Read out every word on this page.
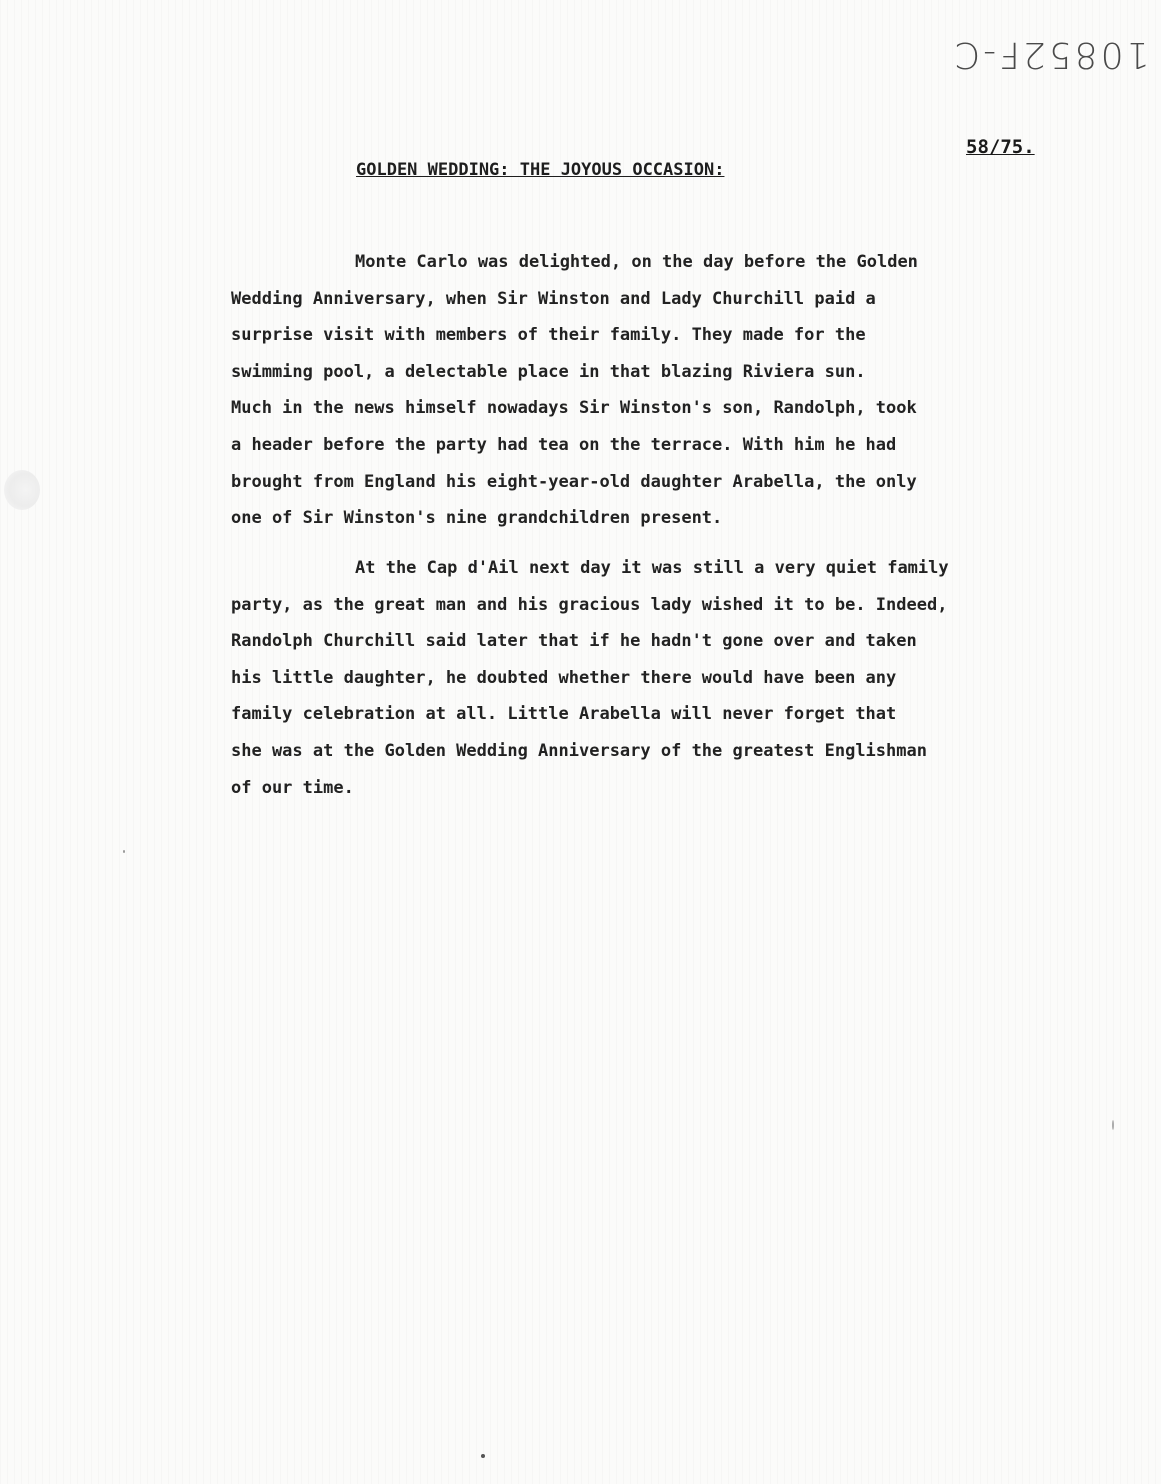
10852F-C
58/75.
GOLDEN WEDDING: THE JOYOUS OCCASION:
Monte Carlo was delighted, on the day before the Golden
Wedding Anniversary, when Sir Winston and Lady Churchill paid a
surprise visit with members of their family. They made for the
swimming pool, a delectable place in that blazing Riviera sun.
Much in the news himself nowadays Sir Winston's son, Randolph, took
a header before the party had tea on the terrace. With him he had
brought from England his eight-year-old daughter Arabella, the only
one of Sir Winston's nine grandchildren present.
At the Cap d'Ail next day it was still a very quiet family
party, as the great man and his gracious lady wished it to be. Indeed,
Randolph Churchill said later that if he hadn't gone over and taken
his little daughter, he doubted whether there would have been any
family celebration at all. Little Arabella will never forget that
she was at the Golden Wedding Anniversary of the greatest Englishman
of our time.
